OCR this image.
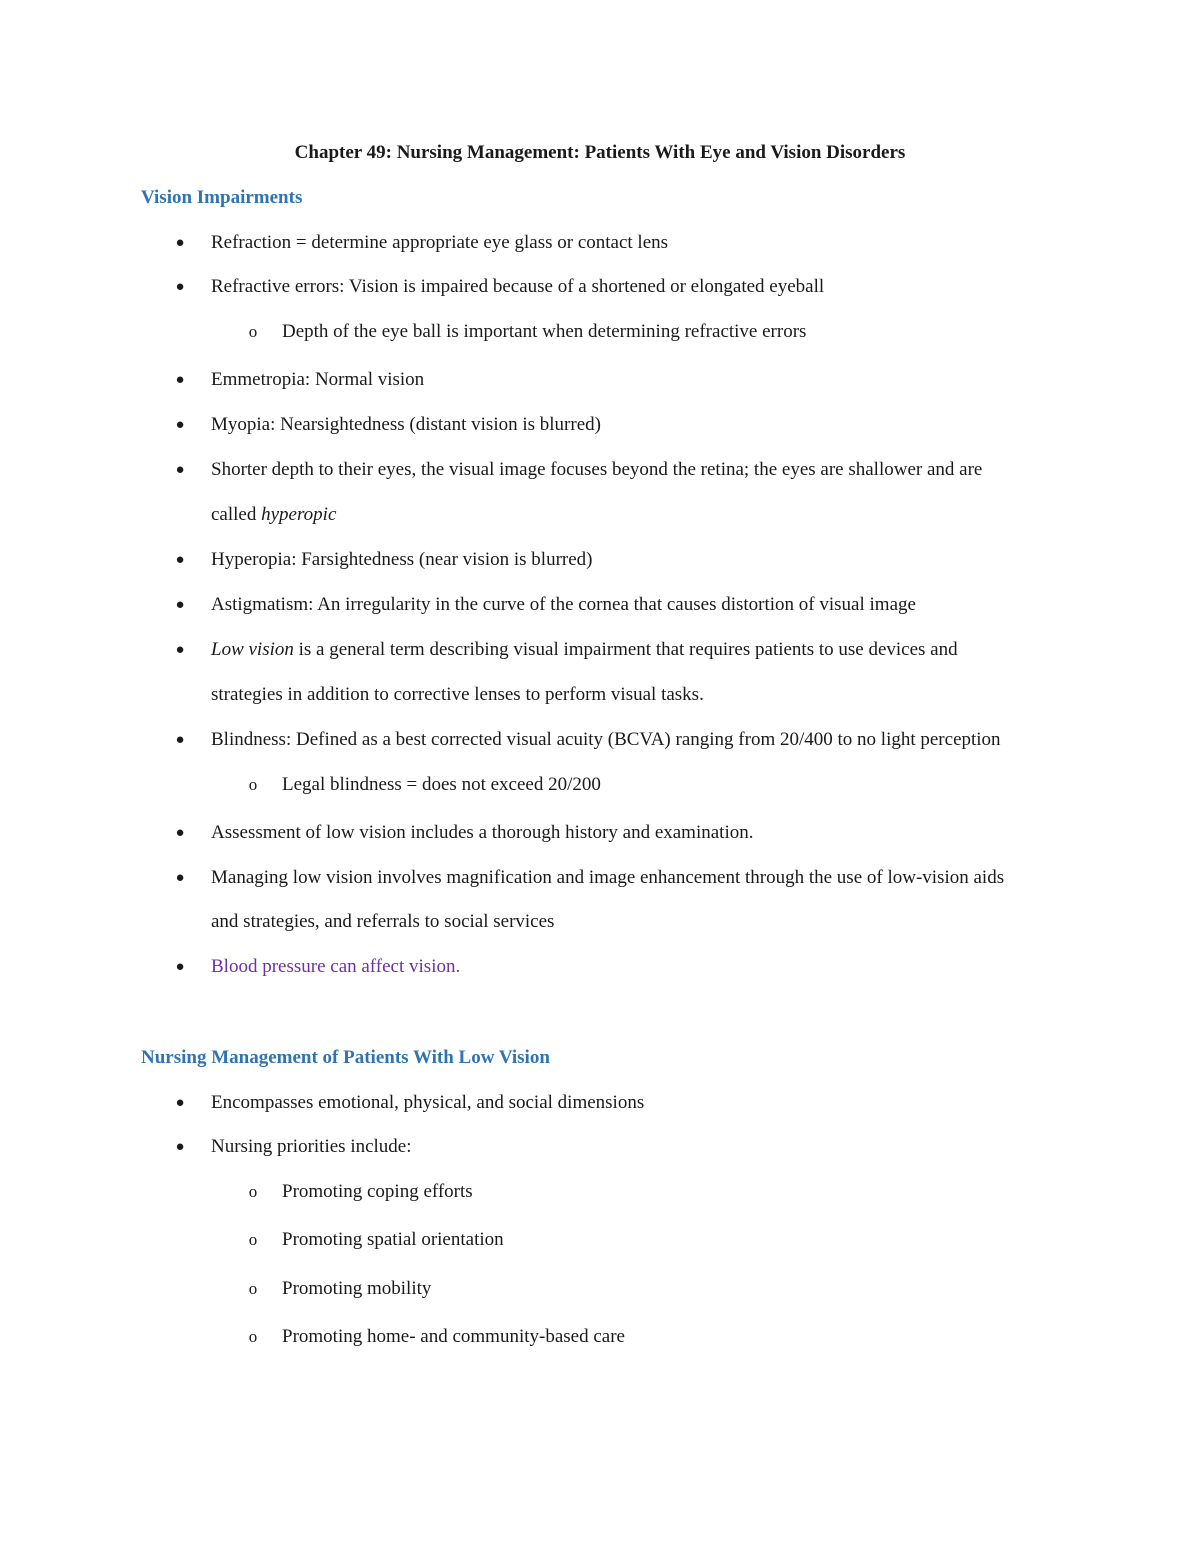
Chapter 49: Nursing Management: Patients With Eye and Vision Disorders
Vision Impairments
● Refraction = determine appropriate eye glass or contact lens
● Refractive errors: Vision is impaired because of a shortened or elongated eyeball
o Depth of the eye ball is important when determining refractive errors
● Emmetropia: Normal vision
● Myopia: Nearsightedness (distant vision is blurred)
● Shorter depth to their eyes, the visual image focuses beyond the retina; the eyes are shallower and are
called hyperopic
● Hyperopia: Farsightedness (near vision is blurred)
● Astigmatism: An irregularity in the curve of the cornea that causes distortion of visual image
● Low vision is a general term describing visual impairment that requires patients to use devices and
strategies in addition to corrective lenses to perform visual tasks.
● Blindness: Defined as a best corrected visual acuity (BCVA) ranging from 20/400 to no light perception
o Legal blindness = does not exceed 20/200
● Assessment of low vision includes a thorough history and examination.
● Managing low vision involves magnification and image enhancement through the use of low-vision aids
and strategies, and referrals to social services
● Blood pressure can affect vision.
Nursing Management of Patients With Low Vision
● Encompasses emotional, physical, and social dimensions
● Nursing priorities include:
o Promoting coping efforts
o Promoting spatial orientation
o Promoting mobility
o Promoting home- and community-based care
